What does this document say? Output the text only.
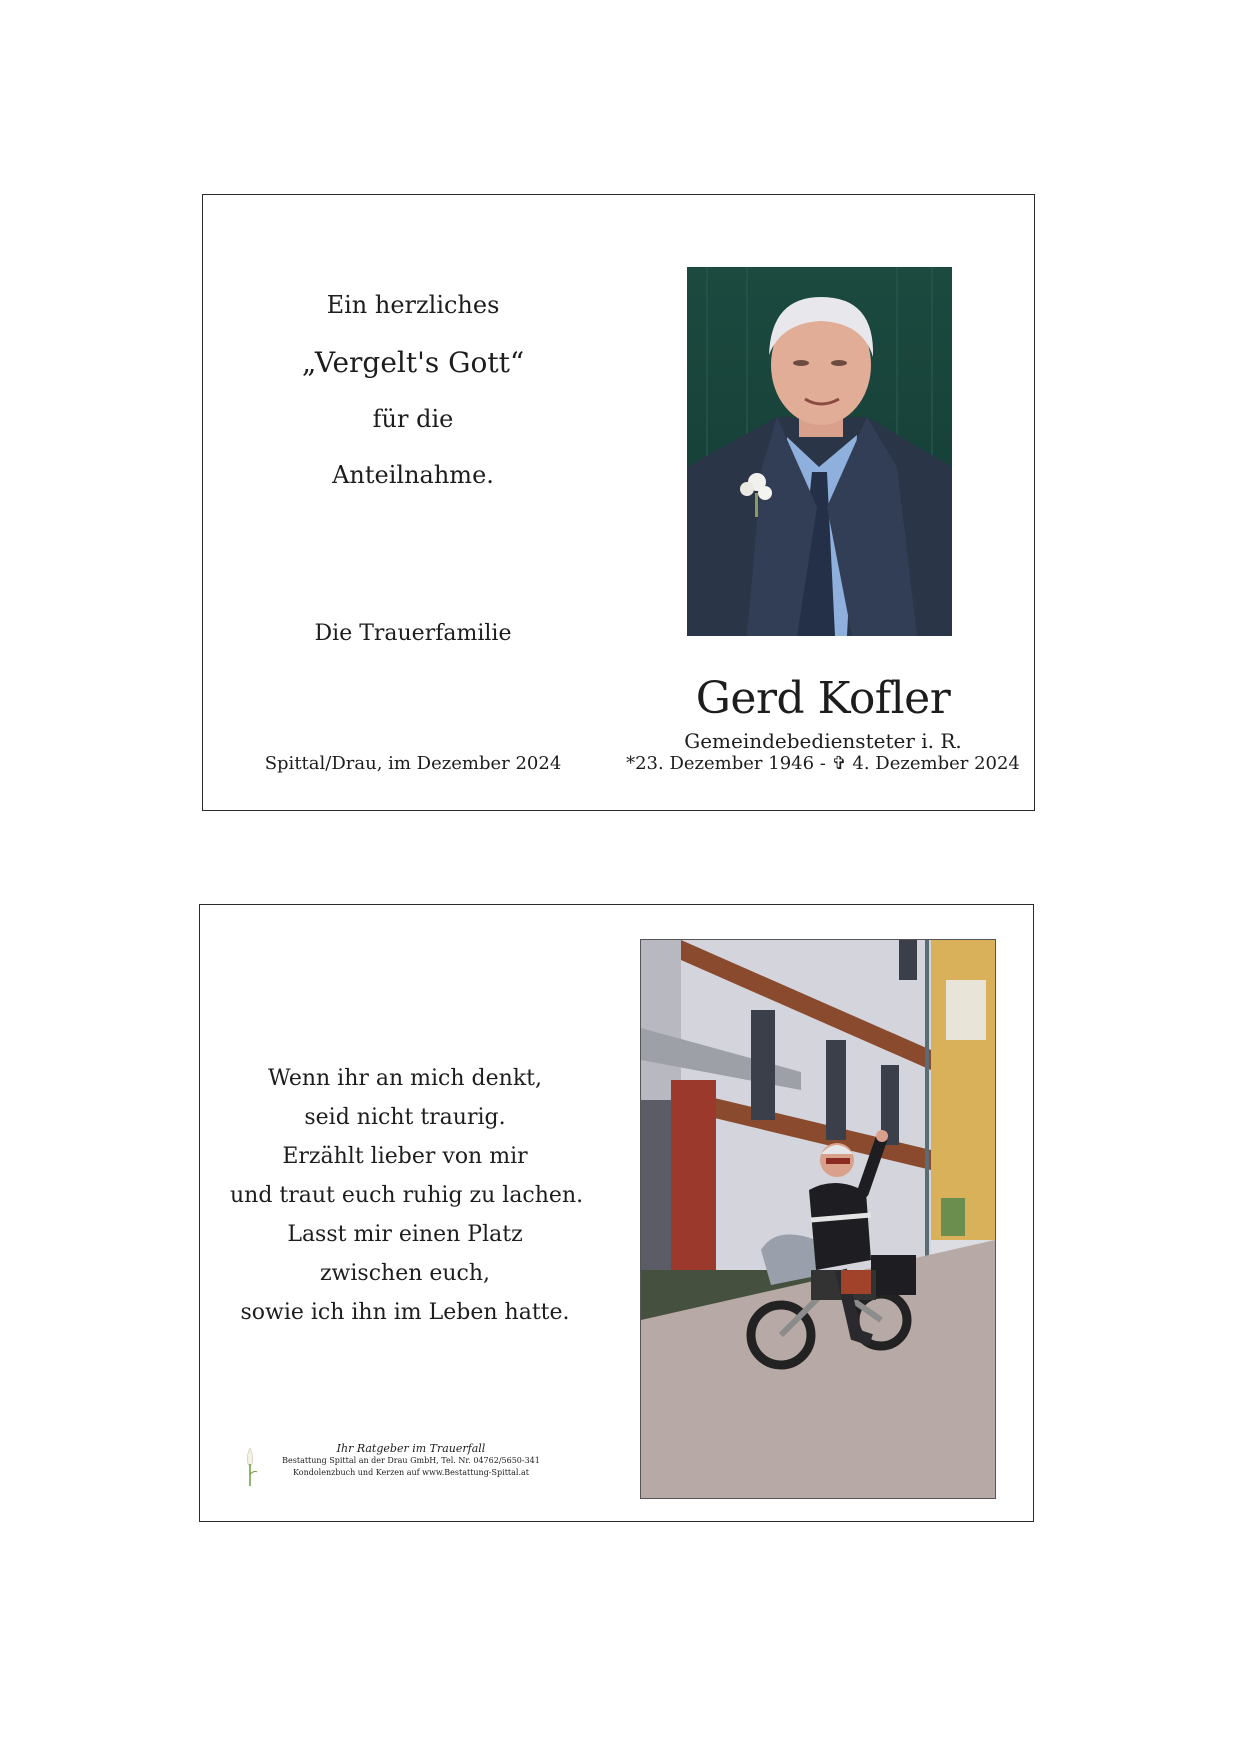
Ein herzliches
„Vergelt's Gott“
für die
Anteilnahme.
Die Trauerfamilie
Spittal/Drau, im Dezember 2024
Gerd Kofler
Gemeindebediensteter i. R.
*23. Dezember 1946 - ✞ 4. Dezember 2024
Wenn ihr an mich denkt,
seid nicht traurig.
Erzählt lieber von mir
und traut euch ruhig zu lachen.
Lasst mir einen Platz
zwischen euch,
sowie ich ihn im Leben hatte.
Ihr Ratgeber im Trauerfall
Bestattung Spittal an der Drau GmbH, Tel. Nr. 04762/5650-341
Kondolenzbuch und Kerzen auf www.Bestattung-Spittal.at
